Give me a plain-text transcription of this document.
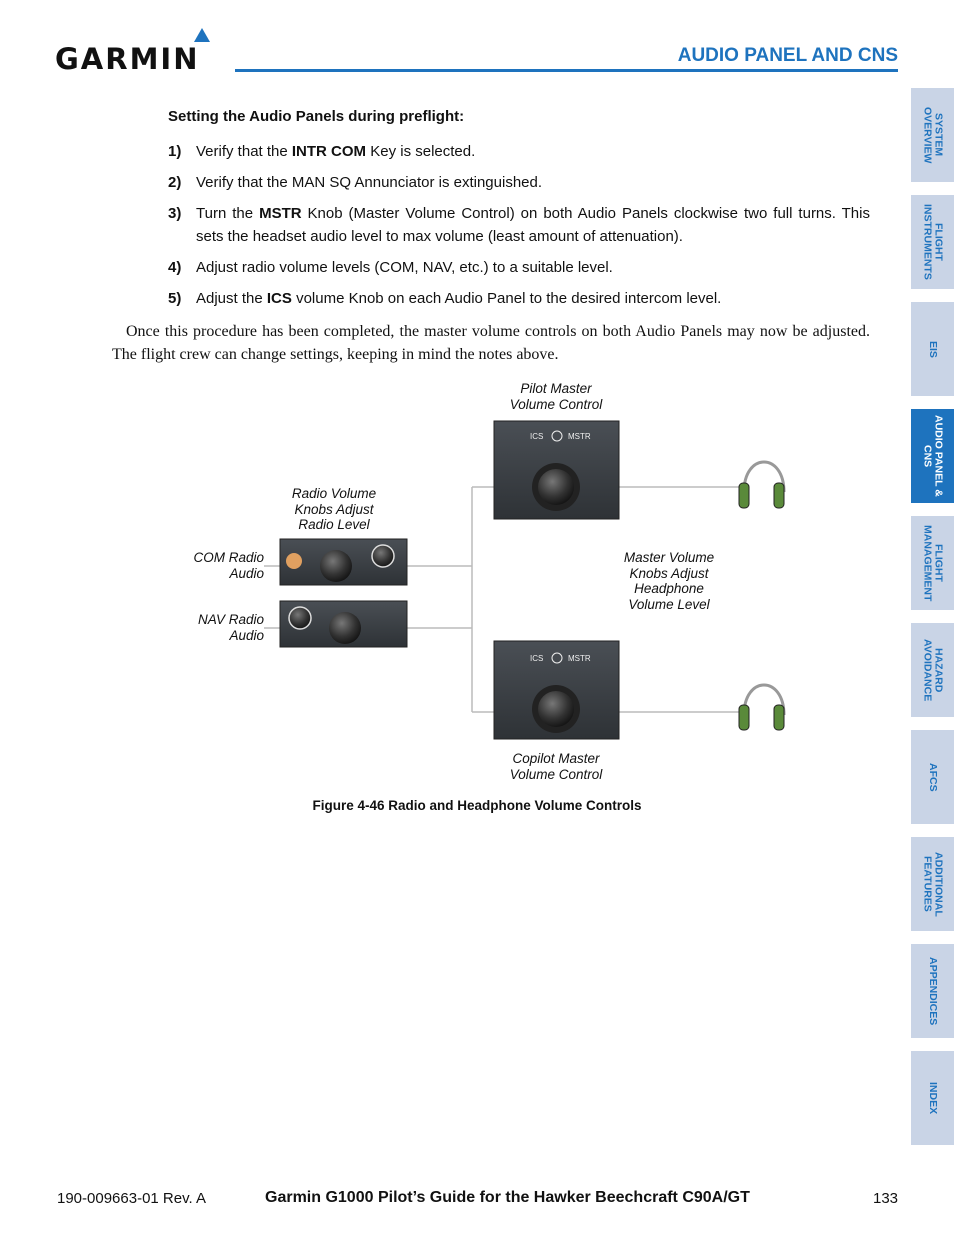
GARMIN	AUDIO PANEL AND CNS
Setting the Audio Panels during preflight:
1) Verify that the INTR COM Key is selected.
2) Verify that the MAN SQ Annunciator is extinguished.
3) Turn the MSTR Knob (Master Volume Control) on both Audio Panels clockwise two full turns. This sets the headset audio level to max volume (least amount of attenuation).
4) Adjust radio volume levels (COM, NAV, etc.) to a suitable level.
5) Adjust the ICS volume Knob on each Audio Panel to the desired intercom level.
Once this procedure has been completed, the master volume controls on both Audio Panels may now be adjusted. The flight crew can change settings, keeping in mind the notes above.
ICS	MSTR
ICS	MSTR
Pilot Master
Volume Control
Radio Volume
Knobs Adjust
Radio Level
COM Radio
Audio
NAV Radio
Audio
Master Volume
Knobs Adjust
Headphone
Volume Level
Copilot Master
Volume Control
Figure 4-46 Radio and Headphone Volume Controls
SYSTEM OVERVIEW
FLIGHT INSTRUMENTS
EIS
AUDIO PANEL & CNS
FLIGHT MANAGEMENT
HAZARD AVOIDANCE
AFCS
ADDITIONAL FEATURES
APPENDICES
INDEX
190-009663-01 Rev. A	Garmin G1000 Pilot’s Guide for the Hawker Beechcraft C90A/GT	133
